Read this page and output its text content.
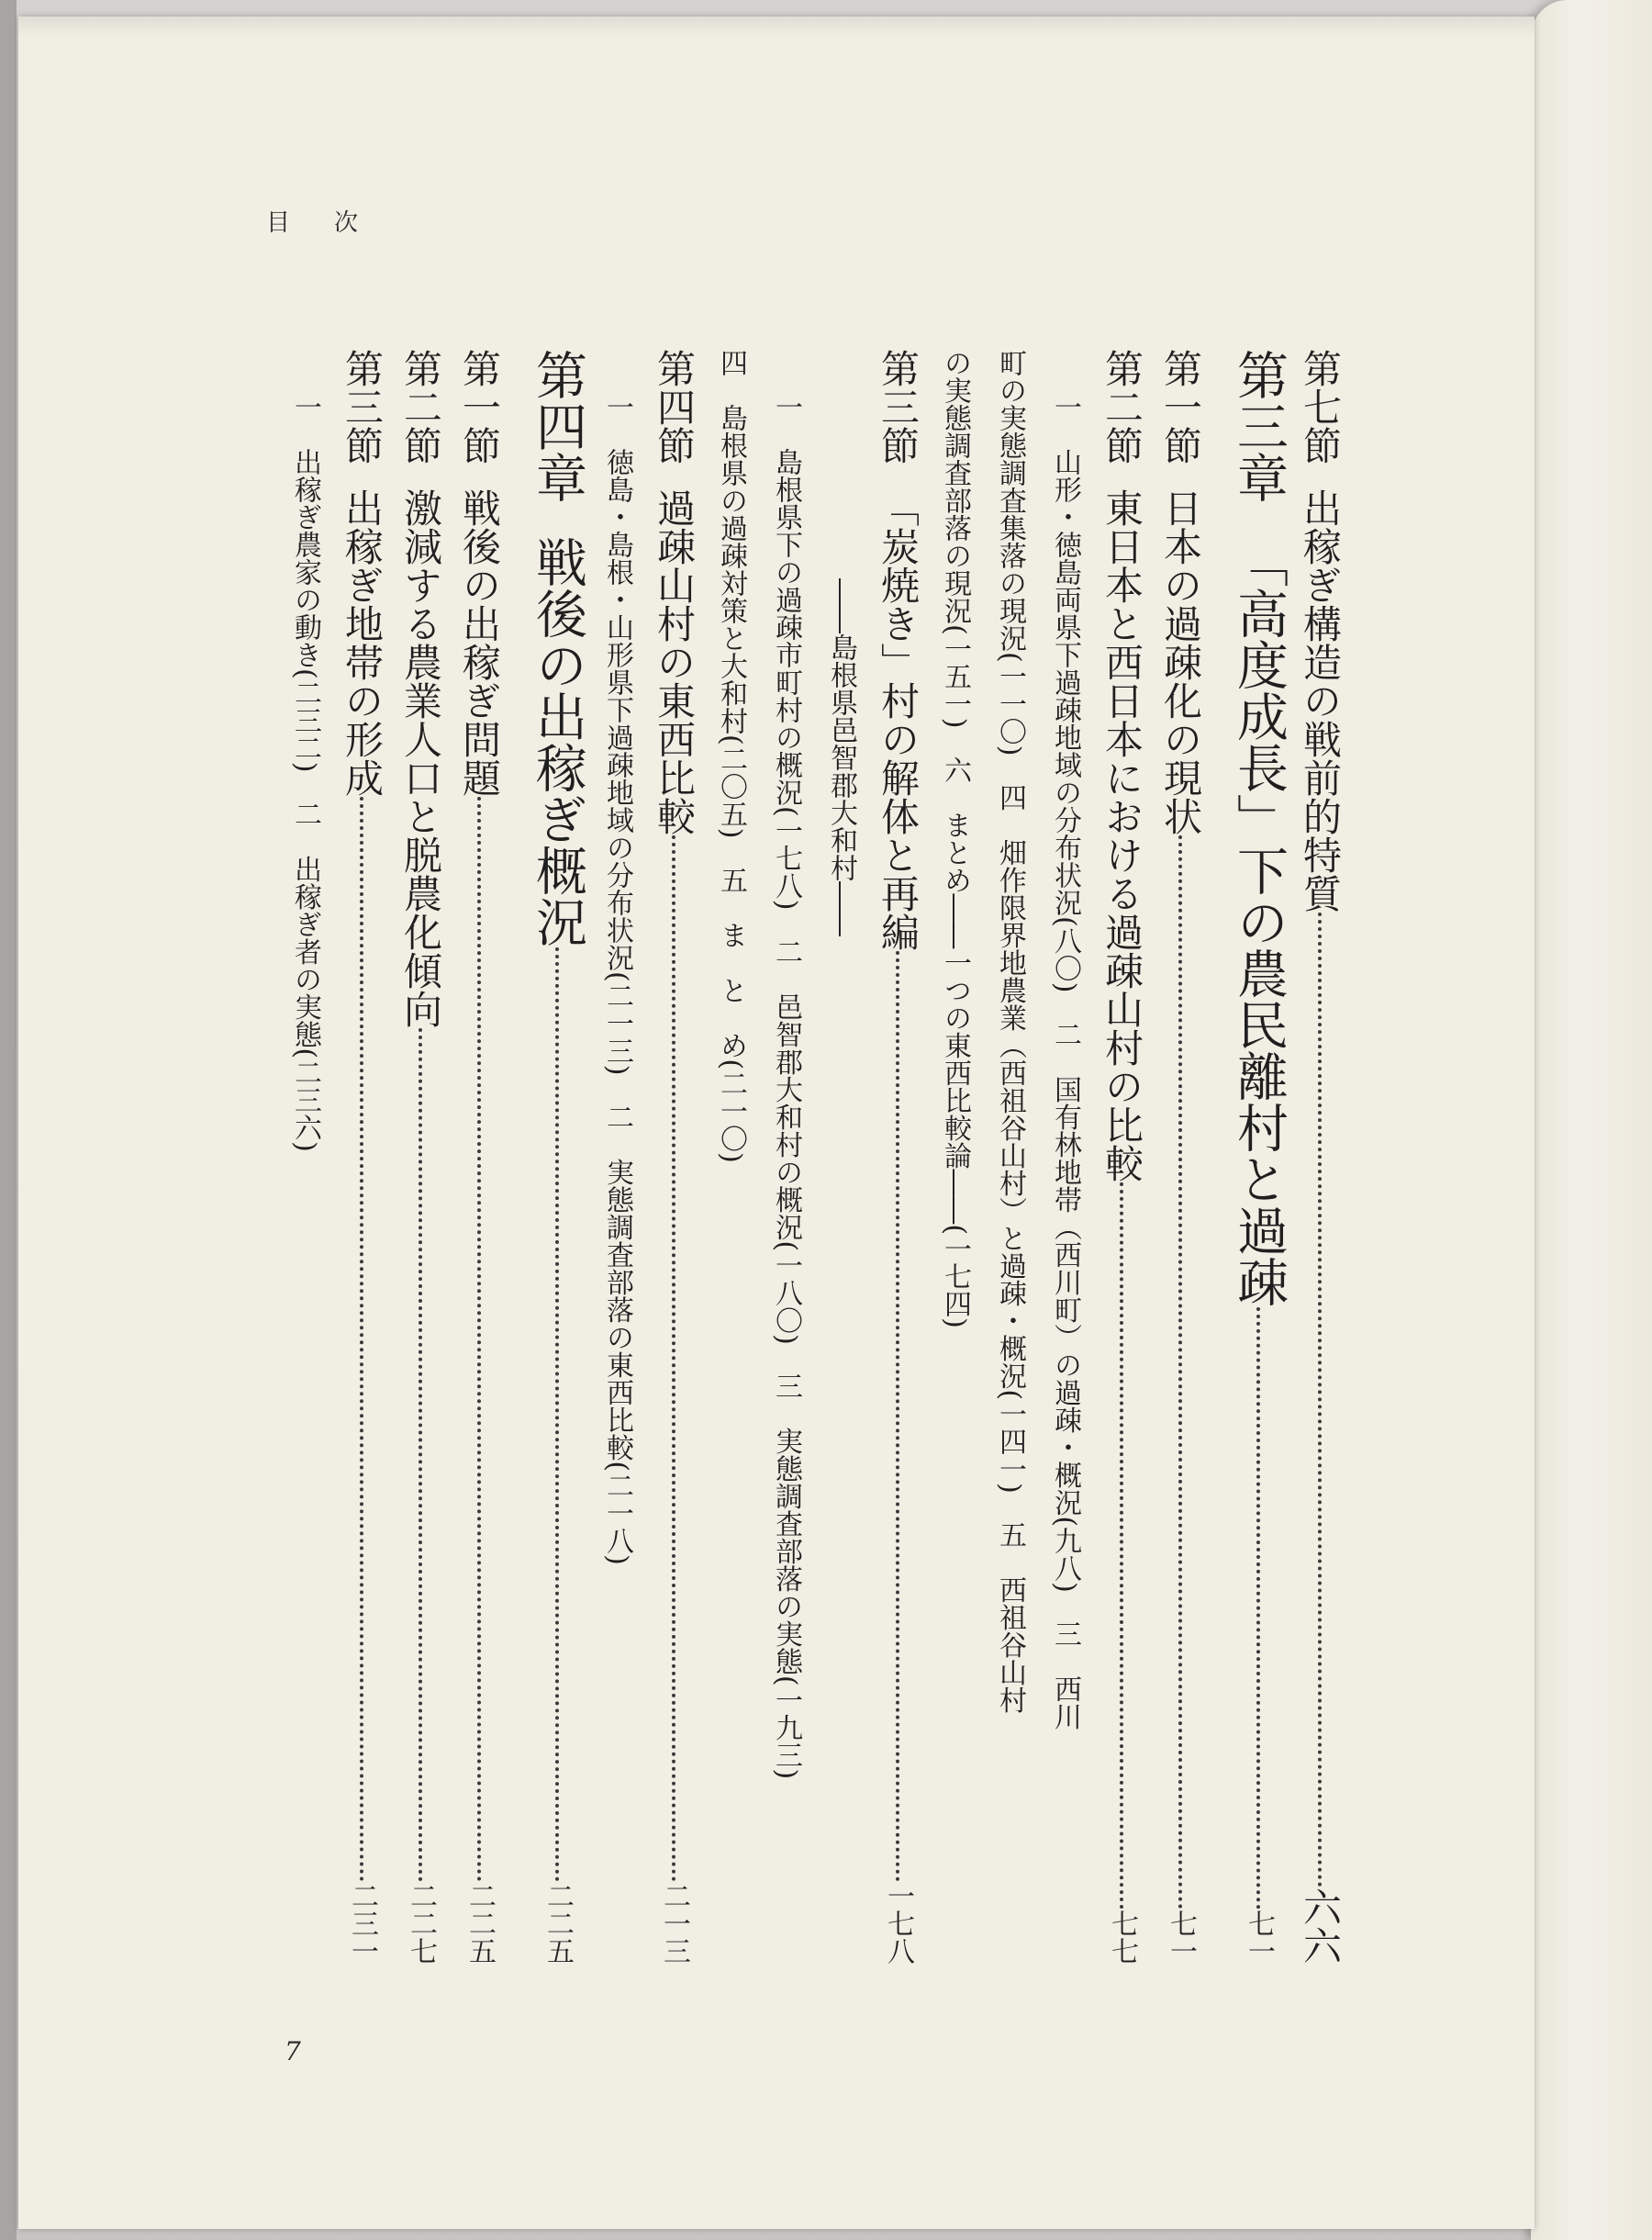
目次
第七節
出稼ぎ構造の戦前的特質
六六
第三章
「高度成長」下の農民離村と過疎
七一
第一節
日本の過疎化の現状
七一
第二節
東日本と西日本における過疎山村の比較
七七
一　山形・徳島両県下過疎地域の分布状況(八〇)　二　国有林地帯（西川町）の過疎・概況(九八)　三　西川
町の実態調査集落の現況(一一〇)　四　畑作限界地農業（西祖谷山村）と過疎・概況(一四一)　五　西祖谷山村
の実態調査部落の現況(一五一)　六　まとめ――一つの東西比較論――(一七四)
第三節
「炭焼き」村の解体と再編
一七八
――島根県邑智郡大和村――
一　島根県下の過疎市町村の概況(一七八)　二　邑智郡大和村の概況(一八〇)　三　実態調査部落の実態(一九三)
四　島根県の過疎対策と大和村(二〇五)　五　ま　と　め(二一〇)
第四節
過疎山村の東西比較
二一三
一　徳島・島根・山形県下過疎地域の分布状況(二一三)　二　実態調査部落の東西比較(二一八)
第四章
戦後の出稼ぎ概況
二二五
第一節
戦後の出稼ぎ問題
二二五
第二節
激減する農業人口と脱農化傾向
二二七
第三節
出稼ぎ地帯の形成
二三一
一　出稼ぎ農家の動き(二三二)　二　出稼ぎ者の実態(二三六)
7
